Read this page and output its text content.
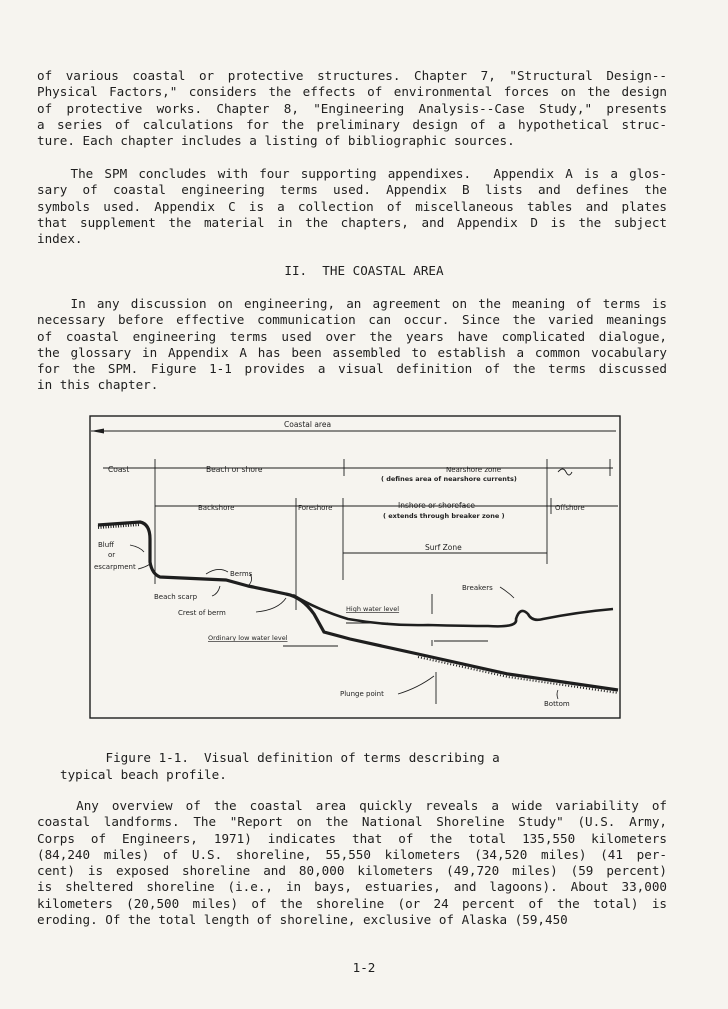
of various coastal or protective structures. Chapter 7, "Structural Design--
Physical Factors," considers the effects of environmental forces on the design
of protective works. Chapter 8, "Engineering Analysis--Case Study," presents
a series of calculations for the preliminary design of a hypothetical struc-
ture. Each chapter includes a listing of bibliographic sources.
The SPM concludes with four supporting appendixes.  Appendix A is a glos-
sary of coastal engineering terms used. Appendix B lists and defines the
symbols used. Appendix C is a collection of miscellaneous tables and plates
that supplement the material in the chapters, and Appendix D is the subject
index.
II.  THE COASTAL AREA
In any discussion on engineering, an agreement on the meaning of terms is
necessary before effective communication can occur. Since the varied meanings
of coastal engineering terms used over the years have complicated dialogue,
the glossary in Appendix A has been assembled to establish a common vocabulary
for the SPM. Figure 1-1 provides a visual definition of the terms discussed
in this chapter.
Coastal area
Coast	Beach or shore	Nearshore zone
( defines area of nearshore currents)
Backshore	Foreshore	Inshore or shoreface
( extends through breaker zone )
Offshore
Surf Zone
Bluff
or
escarpment
Berms
Beach scarp
Crest of berm	High water level
Ordinary low water level
Breakers
Plunge point
Bottom
Figure 1-1.  Visual definition of terms describing a
typical beach profile.
Any overview of the coastal area quickly reveals a wide variability of
coastal landforms. The "Report on the National Shoreline Study" (U.S. Army,
Corps of Engineers, 1971) indicates that of the total 135,550 kilometers
(84,240 miles) of U.S. shoreline, 55,550 kilometers (34,520 miles) (41 per-
cent) is exposed shoreline and 80,000 kilometers (49,720 miles) (59 percent)
is sheltered shoreline (i.e., in bays, estuaries, and lagoons). About 33,000
kilometers (20,500 miles) of the shoreline (or 24 percent of the total) is
eroding. Of the total length of shoreline, exclusive of Alaska (59,450
1-2
